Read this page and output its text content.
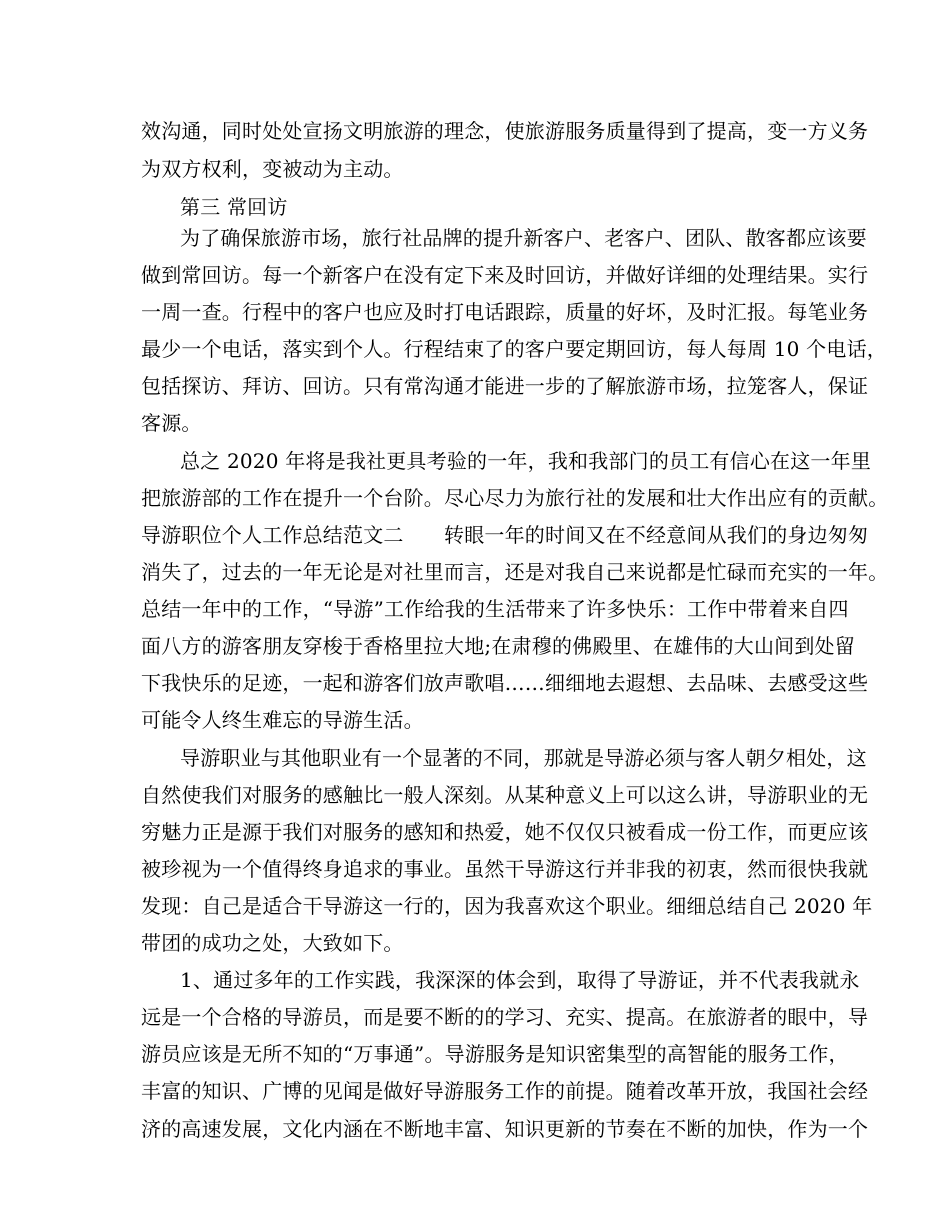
效沟通，同时处处宣扬文明旅游的理念，使旅游服务质量得到了提高，变一方义务

为双方权利，变被动为主动。

第三 常回访

为了确保旅游市场，旅行社品牌的提升新客户、老客户、团队、散客都应该要

做到常回访。每一个新客户在没有定下来及时回访，并做好详细的处理结果。实行

一周一查。行程中的客户也应及时打电话跟踪，质量的好坏，及时汇报。每笔业务

最少一个电话，落实到个人。行程结束了的客户要定期回访，每人每周 10 个电话，

包括探访、拜访、回访。只有常沟通才能进一步的了解旅游市场，拉笼客人，保证

客源。

总之 2020 年将是我社更具考验的一年，我和我部门的员工有信心在这一年里

把旅游部的工作在提升一个台阶。尽心尽力为旅行社的发展和壮大作出应有的贡献。

导游职位个人工作总结范文二　　转眼一年的时间又在不经意间从我们的身边匆匆

消失了，过去的一年无论是对社里而言，还是对我自己来说都是忙碌而充实的一年。

总结一年中的工作，“导游”工作给我的生活带来了许多快乐：工作中带着来自四

面八方的游客朋友穿梭于香格里拉大地;在肃穆的佛殿里、在雄伟的大山间到处留

下我快乐的足迹，一起和游客们放声歌唱……细细地去遐想、去品味、去感受这些

可能令人终生难忘的导游生活。

导游职业与其他职业有一个显著的不同，那就是导游必须与客人朝夕相处，这

自然使我们对服务的感触比一般人深刻。从某种意义上可以这么讲，导游职业的无

穷魅力正是源于我们对服务的感知和热爱，她不仅仅只被看成一份工作，而更应该

被珍视为一个值得终身追求的事业。虽然干导游这行并非我的初衷，然而很快我就

发现：自己是适合干导游这一行的，因为我喜欢这个职业。细细总结自己 2020 年

带团的成功之处，大致如下。

1、通过多年的工作实践，我深深的体会到，取得了导游证，并不代表我就永

远是一个合格的导游员，而是要不断的的学习、充实、提高。在旅游者的眼中，导

游员应该是无所不知的“万事通”。导游服务是知识密集型的高智能的服务工作，

丰富的知识、广博的见闻是做好导游服务工作的前提。随着改革开放，我国社会经

济的高速发展，文化内涵在不断地丰富、知识更新的节奏在不断的加快，作为一个
